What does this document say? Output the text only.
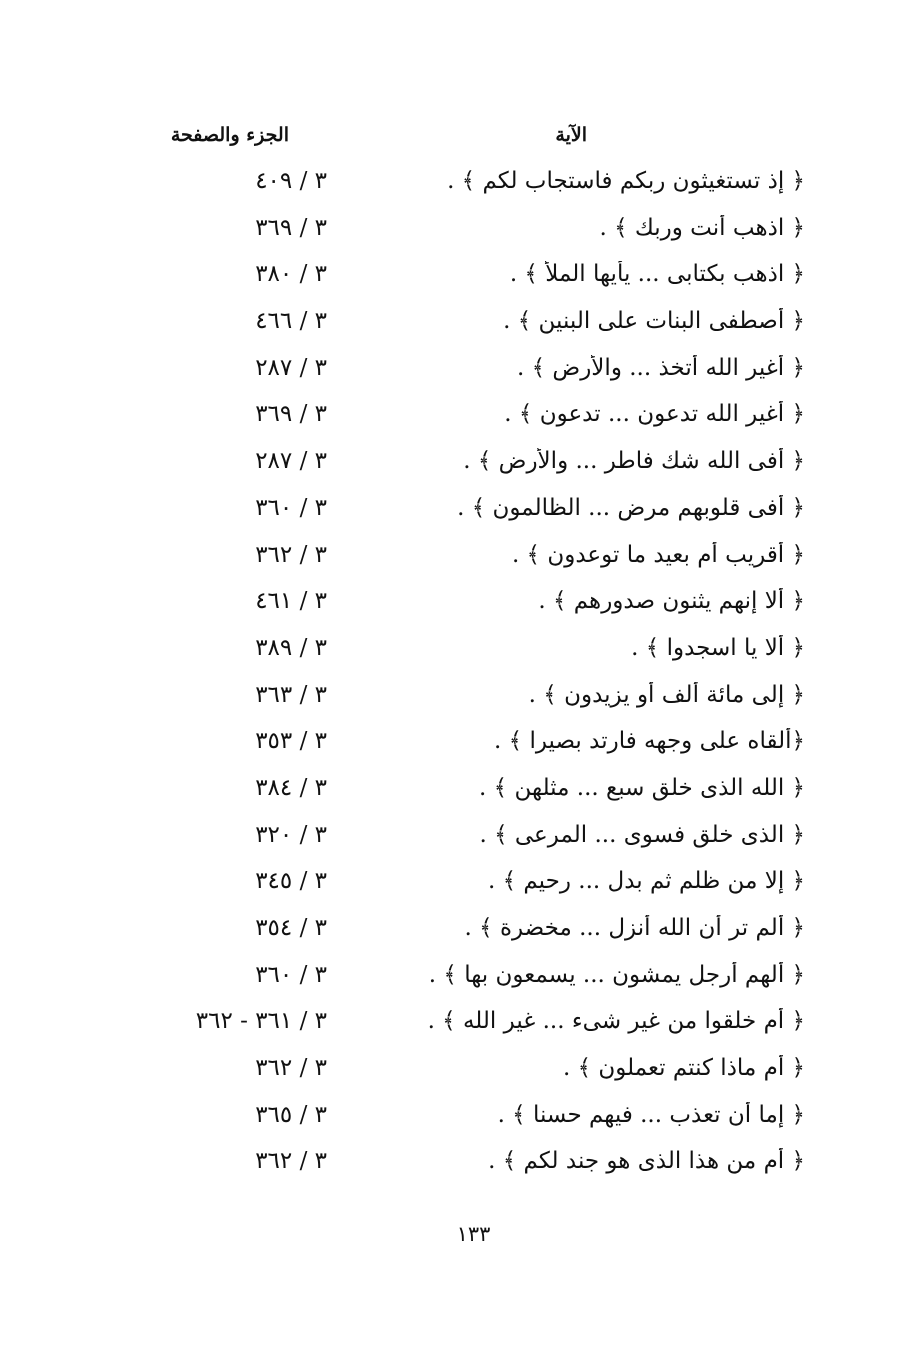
الآية
الجزء والصفحة
﴿ إذ تستغيثون ربكم فاستجاب لكم ﴾ .
٣ / ٤٠٩
﴿ اذهب أنت وربك ﴾ .
٣ / ٣٦٩
﴿ اذهب بكتابى ... يأيها الملأ ﴾ .
٣ / ٣٨٠
﴿ أصطفى البنات على البنين ﴾ .
٣ / ٤٦٦
﴿ أغير الله أتخذ ... والأرض ﴾ .
٣ / ٢٨٧
﴿ أغير الله تدعون ... تدعون ﴾ .
٣ / ٣٦٩
﴿ أفى الله شك فاطر ... والأرض ﴾ .
٣ / ٢٨٧
﴿ أفى قلوبهم مرض ... الظالمون ﴾ .
٣ / ٣٦٠
﴿ أقريب أم بعيد ما توعدون ﴾ .
٣ / ٣٦٢
﴿ ألا إنهم يثنون صدورهم ﴾ .
٣ / ٤٦١
﴿ ألا يا اسجدوا ﴾ .
٣ / ٣٨٩
﴿ إلى مائة ألف أو يزيدون ﴾ .
٣ / ٣٦٣
﴿ألقاه على وجهه فارتد بصيرا ﴾ .
٣ / ٣٥٣
﴿ الله الذى خلق سبع ... مثلهن ﴾ .
٣ / ٣٨٤
﴿ الذى خلق فسوى ... المرعى ﴾ .
٣ / ٣٢٠
﴿ إلا من ظلم ثم بدل ... رحيم ﴾ .
٣ / ٣٤٥
﴿ ألم تر أن الله أنزل ... مخضرة ﴾ .
٣ / ٣٥٤
﴿ ألهم أرجل يمشون ... يسمعون بها ﴾ .
٣ / ٣٦٠
﴿ أم خلقوا من غير شىء ... غير الله ﴾ .
٣ / ٣٦١ - ٣٦٢
﴿ أم ماذا كنتم تعملون ﴾ .
٣ / ٣٦٢
﴿ إما أن تعذب ... فيهم حسنا ﴾ .
٣ / ٣٦٥
﴿ أم من هذا الذى هو جند لكم ﴾ .
٣ / ٣٦٢
١٣٣
